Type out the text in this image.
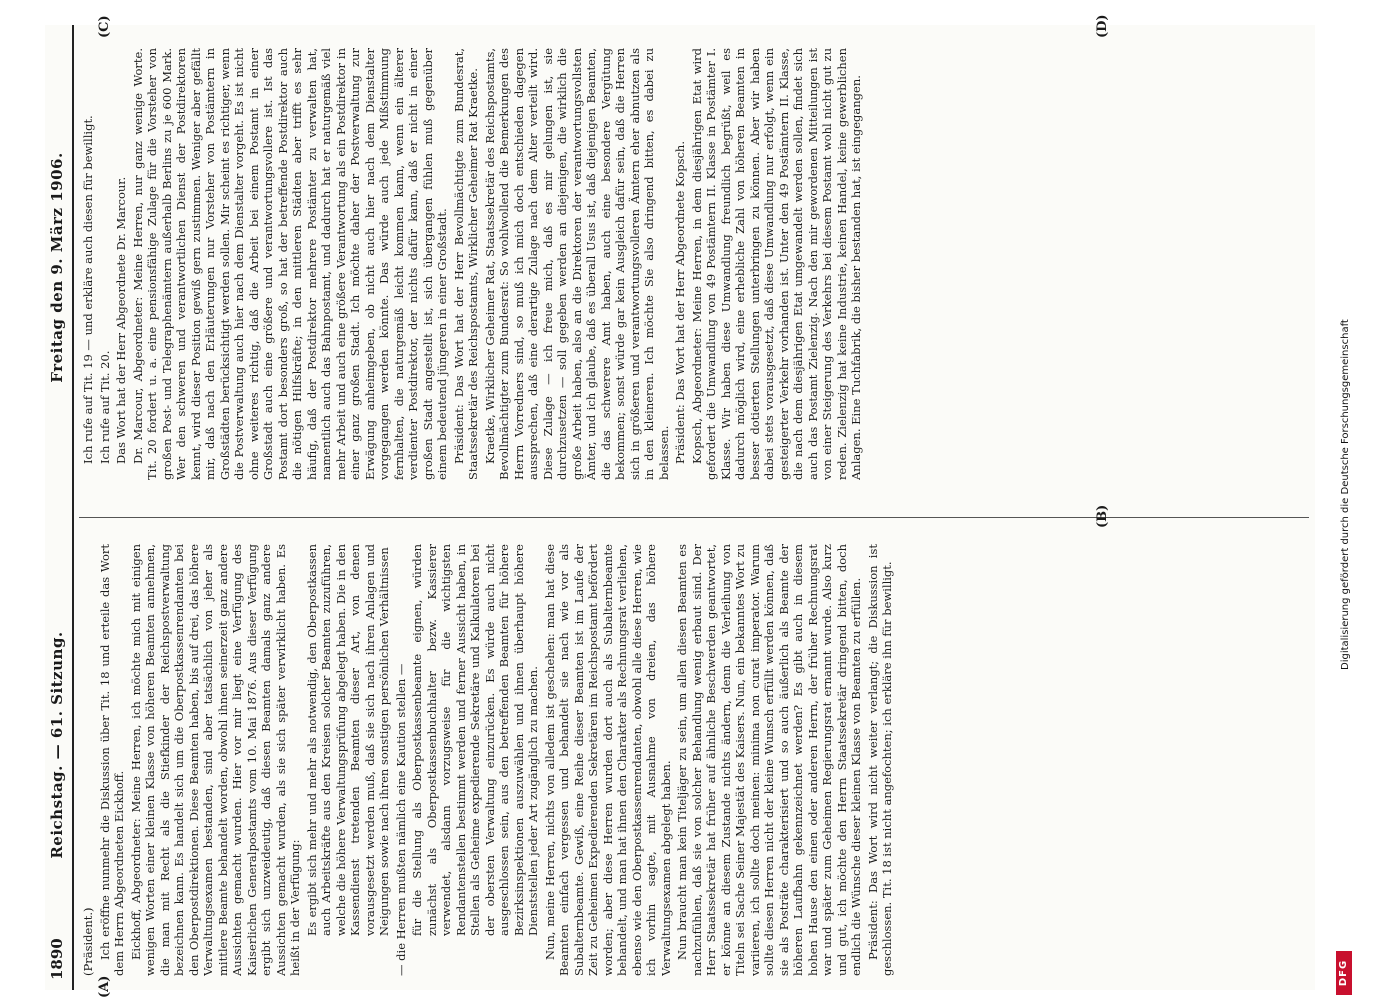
1890
Reichstag. — 61. Sitzung.
Freitag den 9. März 1906.
(A)
(B)
(C)	(D)

(Präsident.) Ich eröffne nunmehr die Diskussion über Tit. 18 und erteile das Wort dem Herrn Abgeordneten Eickhoff. Eickhoff, Abgeordneter: Meine Herren, ich möchte mich mit einigen wenigen Worten einer kleinen Klasse von höheren Beamten annehmen, die man mit Recht als die Stiefkinder der Reichspostverwaltung bezeichnen kann. Es handelt sich um die Oberpostkassenrendanten bei den Oberpostdirektionen. Diese Beamten haben, bis auf drei, das höhere Verwaltungsexamen bestanden, sind aber tatsächlich von jeher als mittlere Beamte behandelt worden, obwohl ihnen seinerzeit ganz andere Aussichten gemacht wurden. Hier vor mir liegt eine Verfügung des Kaiserlichen Generalpostamts vom 10. Mai 1876. Aus dieser Verfügung ergibt sich unzweideutig, daß diesen Beamten damals ganz andere Aussichten gemacht wurden, als sie sich später verwirklicht haben. Es heißt in der Verfügung: Es ergibt sich mehr und mehr als notwendig, den Oberpostkassen auch Arbeitskräfte aus den Kreisen solcher Beamten zuzuführen, welche die höhere Verwaltungsprüfung abgelegt haben. Die in den Kassendienst tretenden Beamten dieser Art, von denen vorausgesetzt werden muß, daß sie sich nach ihren Anlagen und Neigungen sowie nach ihren sonstigen persönlichen Verhältnissen — die Herren mußten nämlich eine Kaution stellen — für die Stellung als Oberpostkassenbeamte eignen, würden zunächst als Oberpostkassenbuchhalter bezw. Kassierer verwendet, alsdann vorzugsweise für die wichtigsten Rendantenstellen bestimmt werden und ferner Aussicht haben, in Stellen als Geheime expedierende Sekretäre und Kalkulatoren bei der obersten Verwaltung einzurücken. Es würde auch nicht ausgeschlossen sein, aus den betreffenden Beamten für höhere Bezirksinspektionen auszuwählen und ihnen überhaupt höhere Dienststellen jeder Art zugänglich zu machen. Nun, meine Herren, nichts von alledem ist geschehen: man hat diese Beamten einfach vergessen und behandelt sie nach wie vor als Subalternbeamte. Gewiß, eine Reihe dieser Beamten ist im Laufe der Zeit zu Geheimen Expedierenden Sekretären im Reichspostamt befördert worden; aber diese Herren wurden dort auch als Subalternbeamte behandelt, und man hat ihnen den Charakter als Rechnungsrat verliehen, ebenso wie den Oberpostkassenrendanten, obwohl alle diese Herren, wie ich vorhin sagte, mit Ausnahme von dreien, das höhere Verwaltungsexamen abgelegt haben. Nun braucht man kein Titeljäger zu sein, um allen diesen Beamten es nachzufühlen, daß sie von solcher Behandlung wenig erbaut sind. Der Herr Staatssekretär hat früher auf ähnliche Beschwerden geantwortet, er könne an diesem Zustande nichts ändern, denn die Verleihung von Titeln sei Sache Seiner Majestät des Kaisers. Nun, ein bekanntes Wort zu variieren, ich sollte doch meinen: minima non curat imperator. Warum sollte diesen Herren nicht der kleine Wunsch erfüllt werden können, daß sie als Posträte charakterisiert und so auch äußerlich als Beamte der höheren Laufbahn gekennzeichnet werden? Es gibt auch in diesem hohen Hause den einen oder anderen Herrn, der früher Rechnungsrat war und später zum Geheimen Regierungsrat ernannt wurde. Also kurz und gut, ich möchte den Herrn Staatssekretär dringend bitten, doch endlich die Wünsche dieser kleinen Klasse von Beamten zu erfüllen. Präsident: Das Wort wird nicht weiter verlangt; die Diskussion ist geschlossen. Tit. 18 ist nicht angefochten; ich erkläre ihn für bewilligt.

Ich rufe auf Tit. 19 — und erkläre auch diesen für bewilligt. Ich rufe auf Tit. 20. Das Wort hat der Herr Abgeordnete Dr. Marcour. Dr. Marcour, Abgeordneter: Meine Herren, nur ganz wenige Worte. Tit. 20 fordert u. a. eine pensionsfähige Zulage für die Vorsteher von großen Post- und Telegraphenämtern außerhalb Berlins zu je 600 Mark. Wer den schweren und verantwortlichen Dienst der Postdirektoren kennt, wird dieser Position gewiß gern zustimmen. Weniger aber gefällt mir, daß nach den Erläuterungen nur Vorsteher von Postämtern in Großstädten berücksichtigt werden sollen. Mir scheint es richtiger, wenn die Postverwaltung auch hier nach dem Dienstalter vorgeht. Es ist nicht ohne weiteres richtig, daß die Arbeit bei einem Postamt in einer Großstadt auch eine größere und verantwortungsvollere ist. Ist das Postamt dort besonders groß, so hat der betreffende Postdirektor auch die nötigen Hilfskräfte; in den mittleren Städten aber trifft es sehr häufig, daß der Postdirektor mehrere Postämter zu verwalten hat, namentlich auch das Bahnpostamt, und dadurch hat er naturgemäß viel mehr Arbeit und auch eine größere Verantwortung als ein Postdirektor in einer ganz großen Stadt. Ich möchte daher der Postverwaltung zur Erwägung anheimgeben, ob nicht auch hier nach dem Dienstalter vorgegangen werden könnte. Das würde auch jede Mißstimmung fernhalten, die naturgemäß leicht kommen kann, wenn ein älterer verdienter Postdirektor, der nichts dafür kann, daß er nicht in einer großen Stadt angestellt ist, sich übergangen fühlen muß gegenüber einem bedeutend jüngeren in einer Großstadt. Präsident: Das Wort hat der Herr Bevollmächtigte zum Bundesrat, Staatssekretär des Reichspostamts, Wirklicher Geheimer Rat Kraetke. Kraetke, Wirklicher Geheimer Rat, Staatssekretär des Reichspostamts, Bevollmächtigter zum Bundesrat: So wohlwollend die Bemerkungen des Herrn Vorredners sind, so muß ich mich doch entschieden dagegen aussprechen, daß eine derartige Zulage nach dem Alter verteilt wird. Diese Zulage — ich freue mich, daß es mir gelungen ist, sie durchzusetzen — soll gegeben werden an diejenigen, die wirklich die große Arbeit haben, also an die Direktoren der verantwortungsvollsten Ämter, und ich glaube, daß es überall Usus ist, daß diejenigen Beamten, die das schwerere Amt haben, auch eine besondere Vergütung bekommen; sonst würde gar kein Ausgleich dafür sein, daß die Herren sich in größeren und verantwortungsvolleren Ämtern eher abnutzen als in den kleineren. Ich möchte Sie also dringend bitten, es dabei zu belassen. Präsident: Das Wort hat der Herr Abgeordnete Kopsch. Kopsch, Abgeordneter: Meine Herren, in dem diesjährigen Etat wird gefordert die Umwandlung von 49 Postämtern II. Klasse in Postämter I. Klasse. Wir haben diese Umwandlung freundlich begrüßt, weil es dadurch möglich wird, eine erhebliche Zahl von höheren Beamten in besser dotierten Stellungen unterbringen zu können. Aber wir haben dabei stets vorausgesetzt, daß diese Umwandlung nur erfolgt, wenn ein gesteigerter Verkehr vorhanden ist. Unter den 49 Postämtern II. Klasse, die nach dem diesjährigen Etat umgewandelt werden sollen, findet sich auch das Postamt Zielenzig. Nach den mir gewordenen Mitteilungen ist von einer Steigerung des Verkehrs bei diesem Postamt wohl nicht gut zu reden. Zielenzig hat keine Industrie, keinen Handel, keine gewerblichen Anlagen. Eine Tuchfabrik, die bisher bestanden hat, ist eingegangen.

DFG
Digitalisierung gefördert durch die Deutsche Forschungsgemeinschaft
